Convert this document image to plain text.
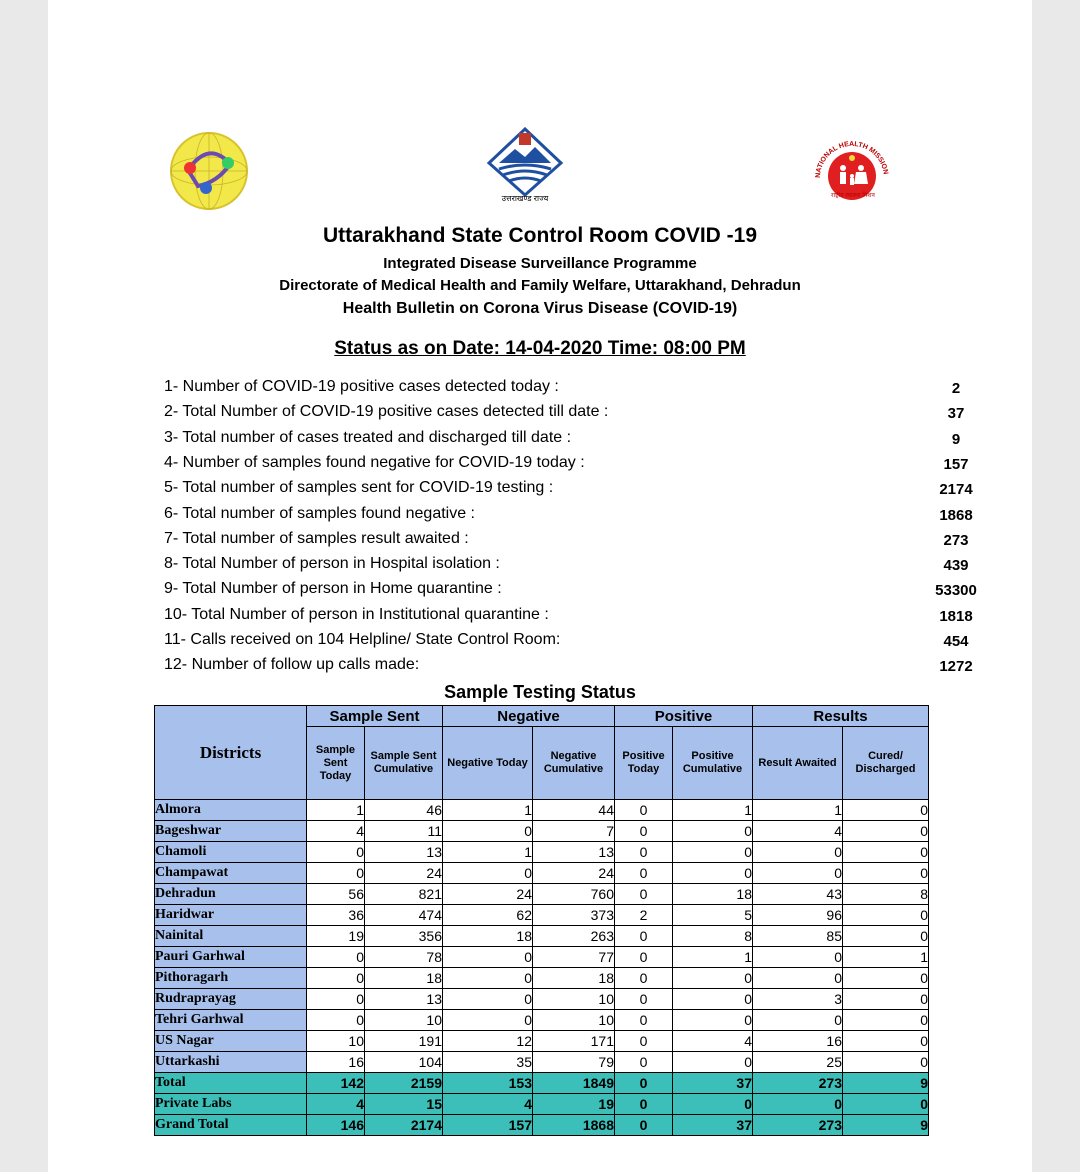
उत्तराखण्ड राज्य
NATIONAL HEALTH MISSION
राष्ट्रीय स्वास्थ्य मिशन
Uttarakhand State Control Room COVID -19
Integrated Disease Surveillance Programme
Directorate of Medical Health and Family Welfare, Uttarakhand, Dehradun
Health Bulletin on Corona Virus Disease (COVID-19)
Status as on Date: 14-04-2020 Time: 08:00 PM
1- Number of COVID-19 positive cases detected today :	2
2- Total Number of COVID-19 positive cases detected till date :	37
3- Total number of cases treated and discharged till date :	9
4- Number of samples found negative for COVID-19 today :	157
5- Total number of samples sent for COVID-19 testing :	2174
6- Total number of samples found negative :	1868
7- Total number of samples result awaited :	273
8- Total Number of person in Hospital isolation :	439
9- Total Number of person in Home quarantine :	53300
10- Total Number of person in Institutional quarantine :	1818
11- Calls received on 104 Helpline/ State Control Room:	454
12- Number of follow up calls made:	1272
Sample Testing Status
Districts	Sample Sent		Negative		Positive		Results	
	Sample Sent Today	Sample Sent Cumulative	Negative Today	Negative Cumulative	Positive Today	Positive Cumulative	Result Awaited	Cured/ Discharged
Almora	1	46	1	44	0	1	1	0
Bageshwar	4	11	0	7	0	0	4	0
Chamoli	0	13	1	13	0	0	0	0
Champawat	0	24	0	24	0	0	0	0
Dehradun	56	821	24	760	0	18	43	8
Haridwar	36	474	62	373	2	5	96	0
Nainital	19	356	18	263	0	8	85	0
Pauri Garhwal	0	78	0	77	0	1	0	1
Pithoragarh	0	18	0	18	0	0	0	0
Rudraprayag	0	13	0	10	0	0	3	0
Tehri Garhwal	0	10	0	10	0	0	0	0
US Nagar	10	191	12	171	0	4	16	0
Uttarkashi	16	104	35	79	0	0	25	0
Total	142	2159	153	1849	0	37	273	9
Private Labs	4	15	4	19	0	0	0	0
Grand Total	146	2174	157	1868	0	37	273	9
